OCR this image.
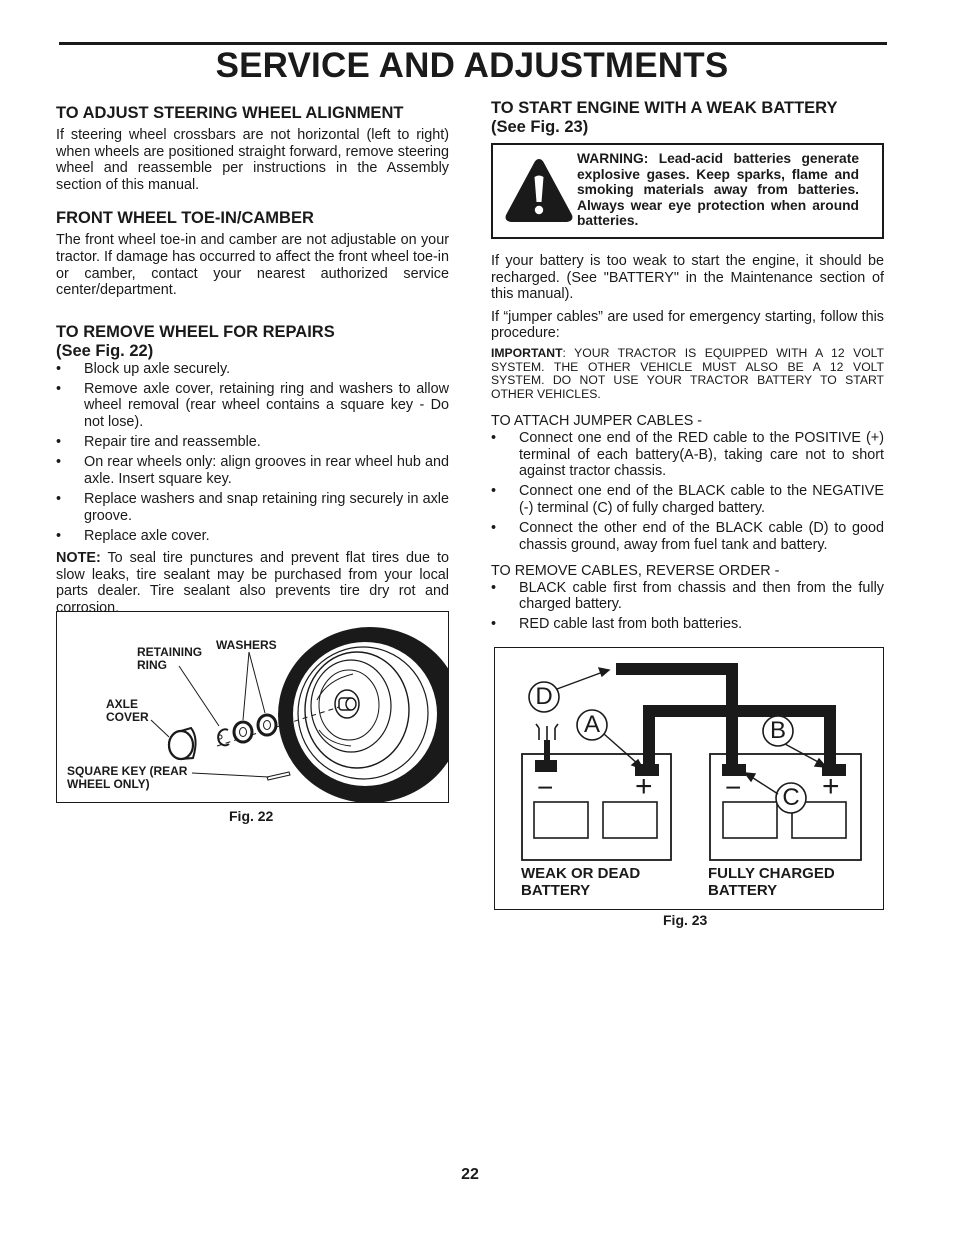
SERVICE AND ADJUSTMENTS
TO ADJUST STEERING WHEEL ALIGNMENT

If steering wheel crossbars are not horizontal (left to right) when wheels are positioned straight forward, remove steering wheel and reassemble per instructions in the Assembly section of this manual.

FRONT WHEEL TOE-IN/CAMBER

The front wheel toe-in and camber are not adjustable on your tractor. If damage has occurred to affect the front wheel toe-in or camber, contact your nearest authorized service center/department.

TO REMOVE WHEEL FOR REPAIRS
(See Fig. 22)
• Block up axle securely.
• Remove axle cover, retaining ring and washers to allow wheel removal (rear wheel contains a square key - Do not lose).
• Repair tire and reassemble.
• On rear wheels only: align grooves in rear wheel hub and axle. Insert square key.
• Replace washers and snap retaining ring securely in axle groove.
• Replace axle cover.

NOTE: To seal tire punctures and prevent flat tires due to slow leaks, tire sealant may be purchased from your local parts dealer. Tire sealant also prevents tire dry rot and corrosion.

RETAINING
RING
WASHERS
AXLE
COVER
SQUARE KEY (REAR
WHEEL ONLY)
Fig. 22
TO START ENGINE WITH A WEAK BATTERY
(See Fig. 23)
WARNING: Lead-acid batteries generate explosive gases. Keep sparks, flame and smoking materials away from batteries. Always wear eye protection when around batteries.

If your battery is too weak to start the engine, it should be recharged. (See "BATTERY" in the Maintenance section of this manual).

If “jumper cables” are used for emergency starting, follow this procedure:

IMPORTANT: YOUR TRACTOR IS EQUIPPED WITH A 12 VOLT SYSTEM. THE OTHER VEHICLE MUST ALSO BE A 12 VOLT SYSTEM. DO NOT USE YOUR TRACTOR BATTERY TO START OTHER VEHICLES.

TO ATTACH JUMPER CABLES -
• Connect one end of the RED cable to the POSITIVE (+) terminal of each battery(A-B), taking care not to short against tractor chassis.
• Connect one end of the BLACK cable to the NEGATIVE (-) terminal (C) of fully charged battery.
• Connect the other end of the BLACK cable (D) to good chassis ground, away from fuel tank and battery.
TO REMOVE CABLES, REVERSE ORDER -
• BLACK cable first from chassis and then from the fully charged battery.
• RED cable last from both batteries.
D
A	B
C
−	+	−	+
WEAK OR DEAD
BATTERY
FULLY CHARGED
BATTERY
Fig. 23
22
